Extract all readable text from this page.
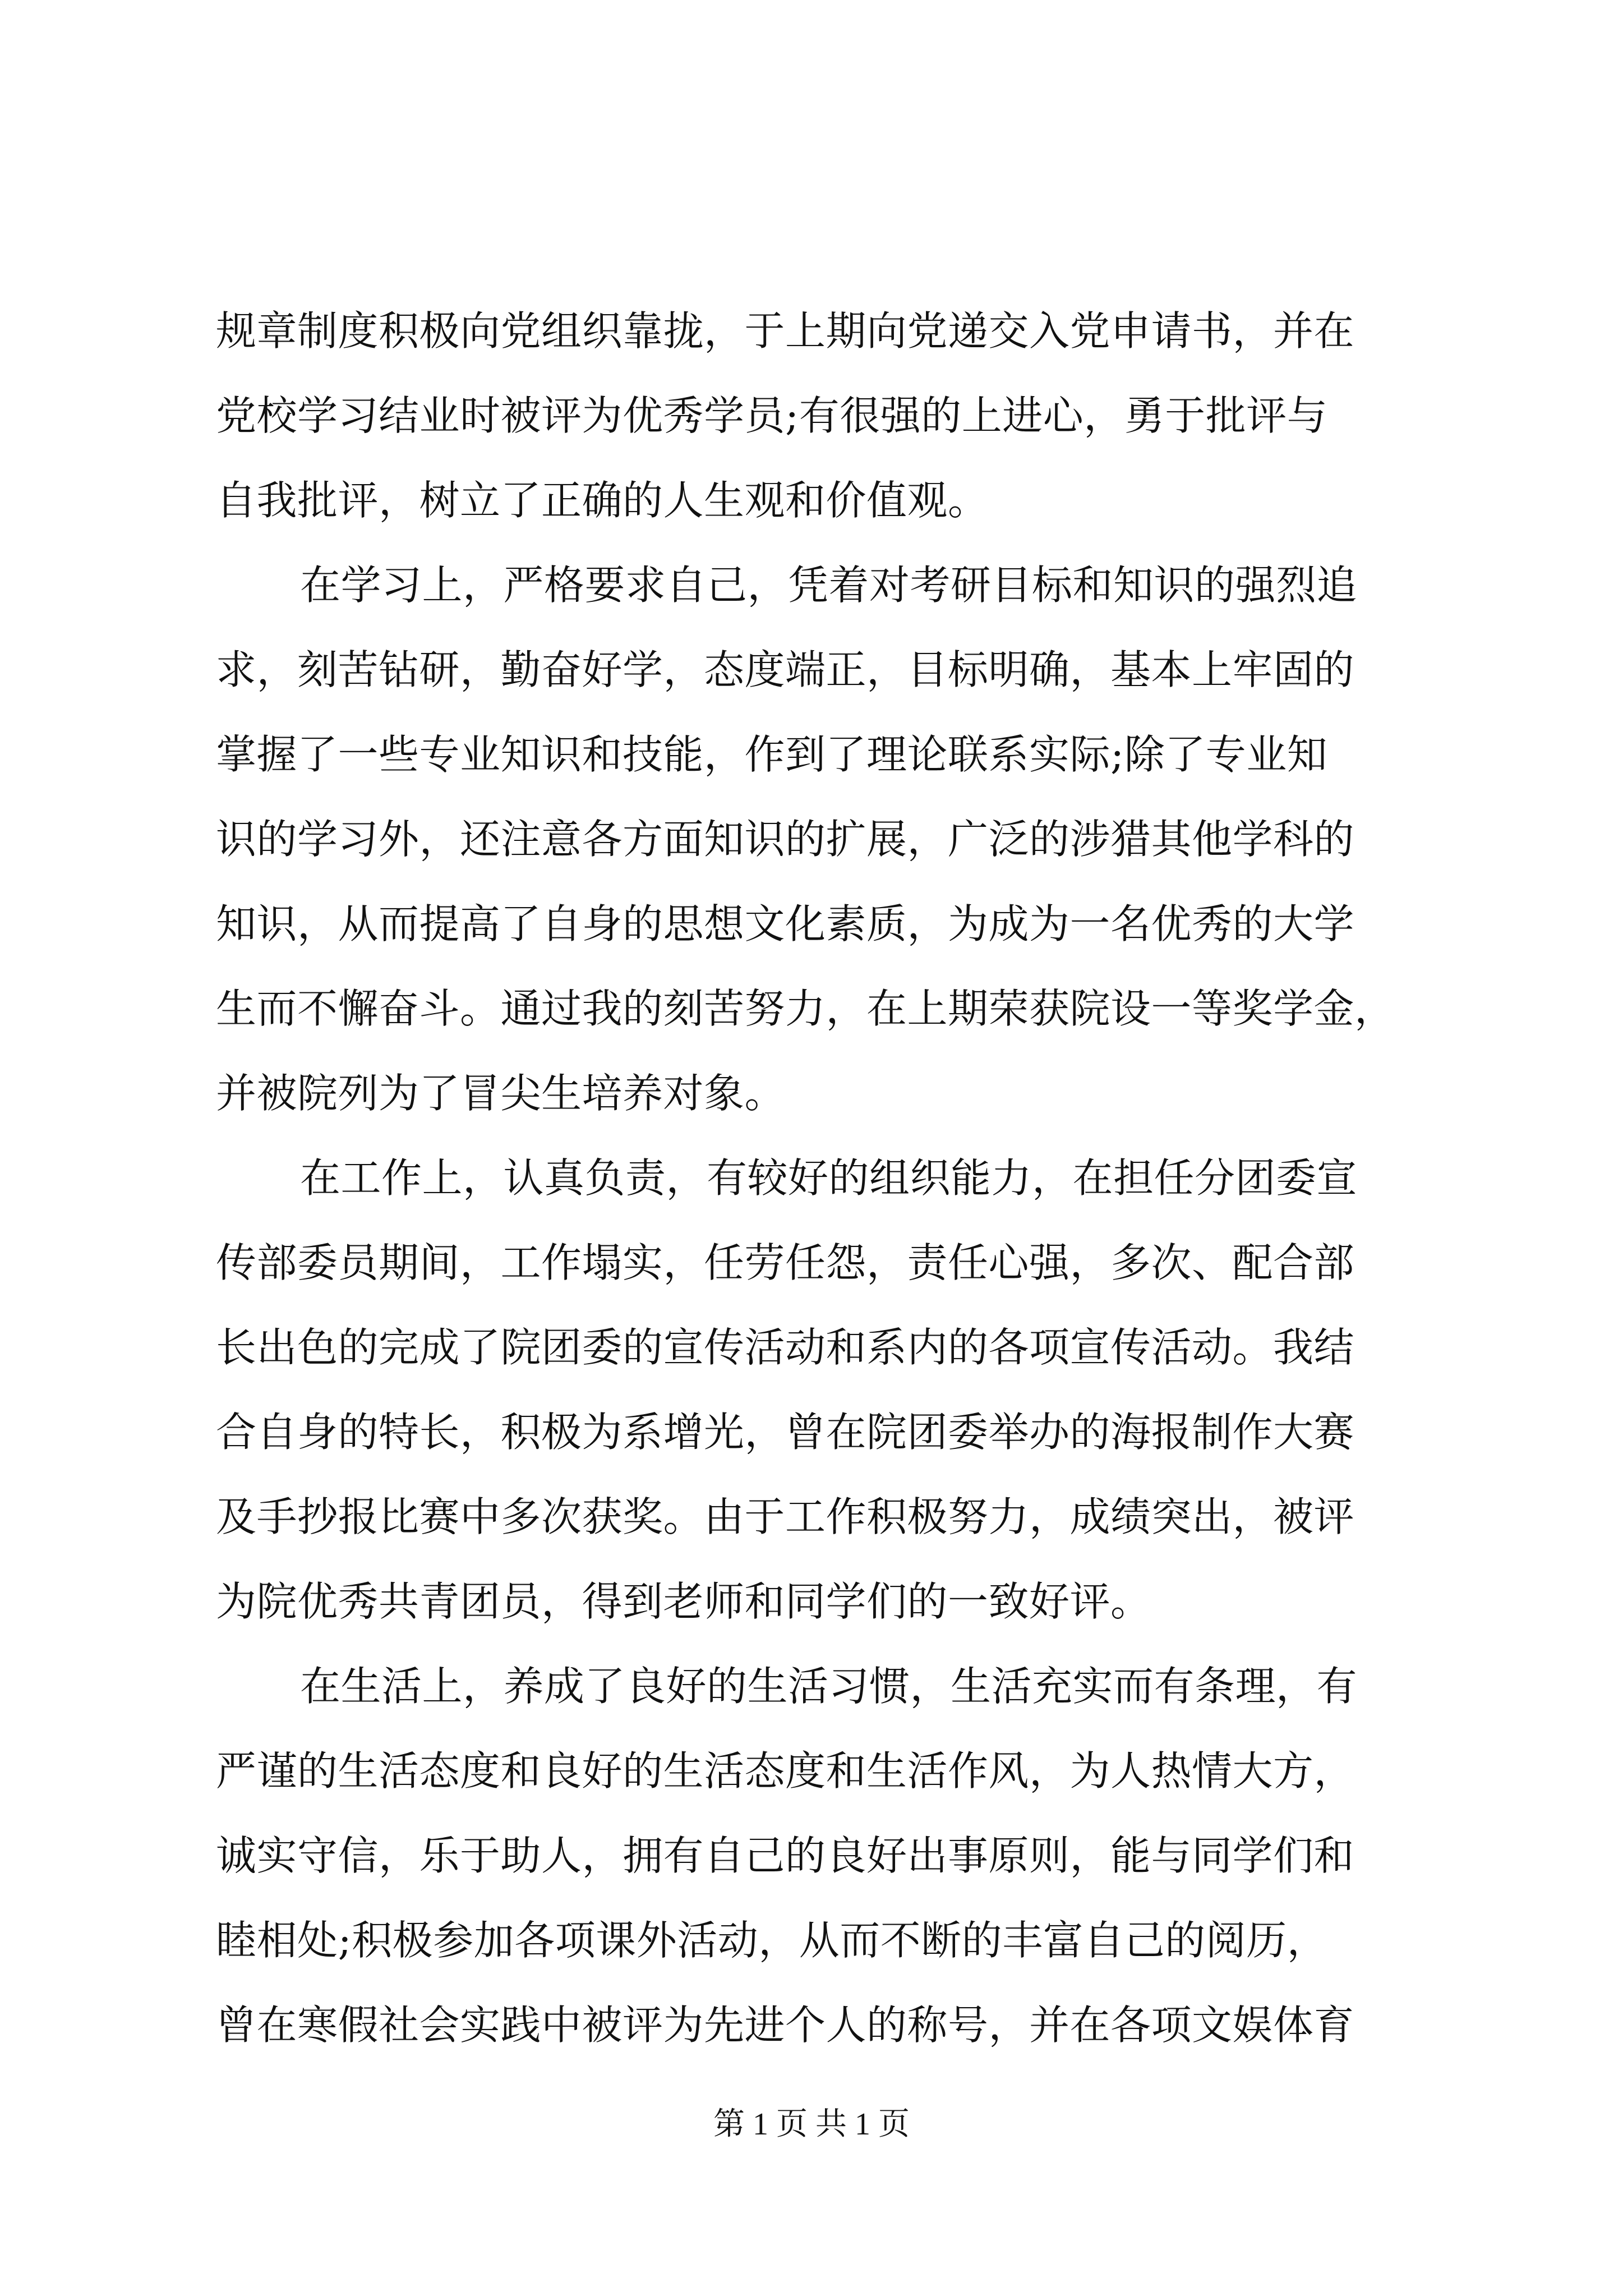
规章制度积极向党组织靠拢，于上期向党递交入党申请书，并在
党校学习结业时被评为优秀学员;有很强的上进心，勇于批评与
自我批评，树立了正确的人生观和价值观。
在学习上，严格要求自己，凭着对考研目标和知识的强烈追
求，刻苦钻研，勤奋好学，态度端正，目标明确，基本上牢固的
掌握了一些专业知识和技能，作到了理论联系实际;除了专业知
识的学习外，还注意各方面知识的扩展，广泛的涉猎其他学科的
知识，从而提高了自身的思想文化素质，为成为一名优秀的大学
生而不懈奋斗。通过我的刻苦努力，在上期荣获院设一等奖学金，
并被院列为了冒尖生培养对象。
在工作上，认真负责，有较好的组织能力，在担任分团委宣
传部委员期间，工作塌实，任劳任怨，责任心强，多次、配合部
长出色的完成了院团委的宣传活动和系内的各项宣传活动。我结
合自身的特长，积极为系增光，曾在院团委举办的海报制作大赛
及手抄报比赛中多次获奖。由于工作积极努力，成绩突出，被评
为院优秀共青团员，得到老师和同学们的一致好评。
在生活上，养成了良好的生活习惯，生活充实而有条理，有
严谨的生活态度和良好的生活态度和生活作风，为人热情大方，
诚实守信，乐于助人，拥有自己的良好出事原则，能与同学们和
睦相处;积极参加各项课外活动，从而不断的丰富自己的阅历，
曾在寒假社会实践中被评为先进个人的称号，并在各项文娱体育
第 1 页 共 1 页
